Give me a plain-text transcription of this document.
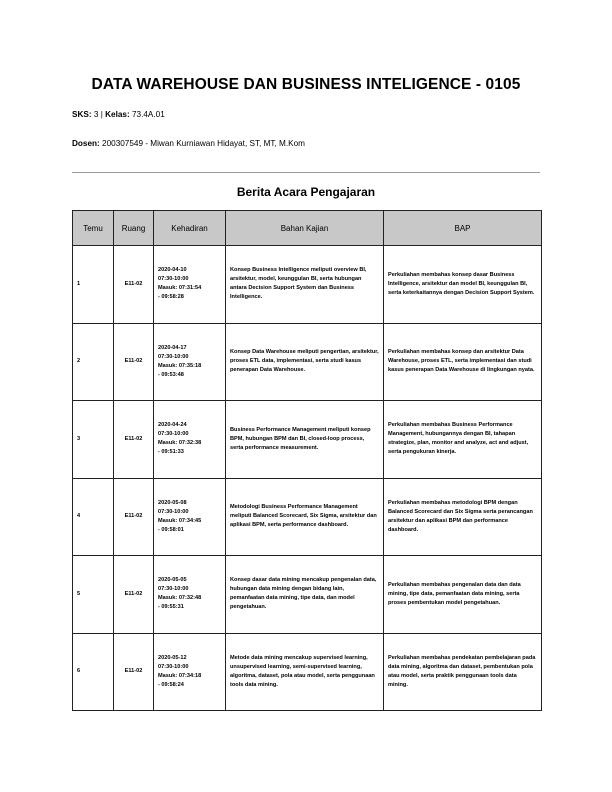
DATA WAREHOUSE DAN BUSINESS INTELIGENCE - 0105
SKS: 3 | Kelas: 73.4A.01
Dosen: 200307549 - Miwan Kurniawan Hidayat, ST, MT, M.Kom
Berita Acara Pengajaran
Temu	Ruang	Kehadiran	Bahan Kajian	BAP
1	E11-02	2020-04-10
07:30-10:00
Masuk: 07:31:54
- 09:58:28	Konsep Business Intelligence meliputi overview BI, arsitektur, model, keunggulan BI, serta hubungan antara Decision Support System dan Business Intelligence.	Perkuliahan membahas konsep dasar Business Intelligence, arsitektur dan model BI, keunggulan BI, serta keterkaitannya dengan Decision Support System.
2	E11-02	2020-04-17
07:30-10:00
Masuk: 07:35:18
- 09:53:48	Konsep Data Warehouse meliputi pengertian, arsitektur, proses ETL data, implementasi, serta studi kasus penerapan Data Warehouse.	Perkuliahan membahas konsep dan arsitektur Data Warehouse, proses ETL, serta implementasi dan studi kasus penerapan Data Warehouse di lingkungan nyata.
3	E11-02	2020-04-24
07:30-10:00
Masuk: 07:32:38
- 09:51:33	Business Performance Management meliputi konsep BPM, hubungan BPM dan BI, closed-loop process, serta performance measurement.	Perkuliahan membahas Business Performance Management, hubungannya dengan BI, tahapan strategize, plan, monitor and analyze, act and adjust, serta pengukuran kinerja.
4	E11-02	2020-05-08
07:30-10:00
Masuk: 07:34:45
- 09:58:01	Metodologi Business Performance Management meliputi Balanced Scorecard, Six Sigma, arsitektur dan aplikasi BPM, serta performance dashboard.	Perkuliahan membahas metodologi BPM dengan Balanced Scorecard dan Six Sigma serta perancangan arsitektur dan aplikasi BPM dan performance dashboard.
5	E11-02	2020-05-05
07:30-10:00
Masuk: 07:32:48
- 09:55:31	Konsep dasar data mining mencakup pengenalan data, hubungan data mining dengan bidang lain, pemanfaatan data mining, tipe data, dan model pengetahuan.	Perkuliahan membahas pengenalan data dan data mining, tipe data, pemanfaatan data mining, serta proses pembentukan model pengetahuan.
6	E11-02	2020-05-12
07:30-10:00
Masuk: 07:34:18
- 09:58:24	Metode data mining mencakup supervised learning, unsupervised learning, semi-supervised learning, algoritma, dataset, pola atau model, serta penggunaan tools data mining.	Perkuliahan membahas pendekatan pembelajaran pada data mining, algoritma dan dataset, pembentukan pola atau model, serta praktik penggunaan tools data mining.
